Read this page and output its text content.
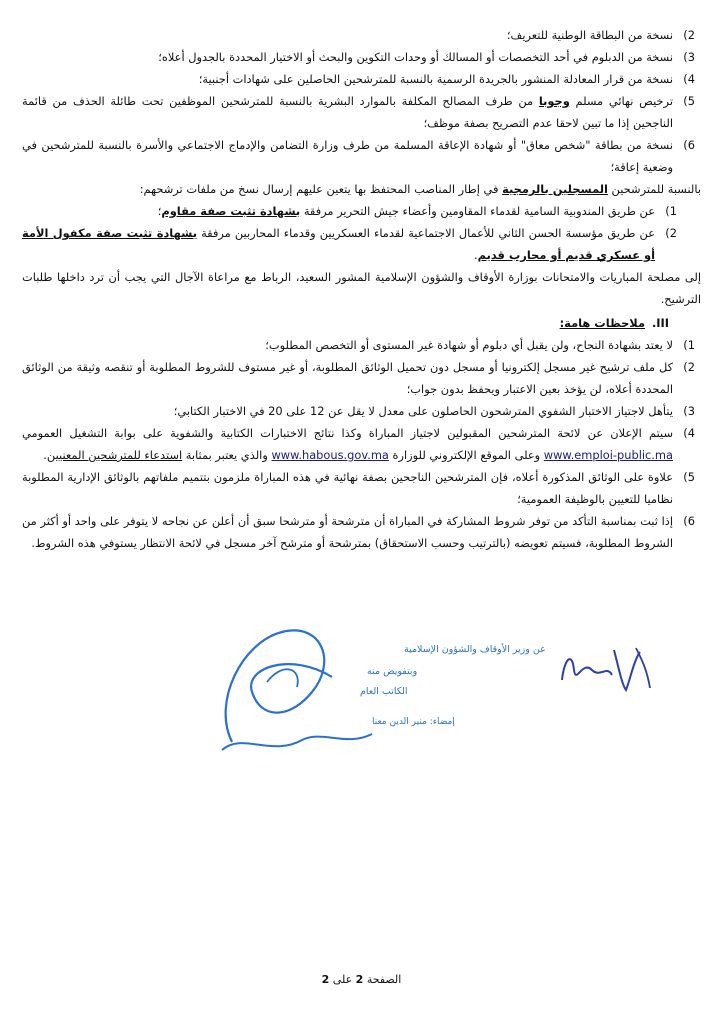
2)
نسخة من البطاقة الوطنية للتعريف؛
3)
نسخة من الدبلوم في أحد التخصصات أو المسالك أو وحدات التكوين والبحث أو الاختيار المحددة بالجدول أعلاه؛
4)
نسخة من قرار المعادلة المنشور بالجريدة الرسمية بالنسبة للمترشحين الحاصلين على شهادات أجنبية؛
5)
ترخيص نهائي مسلم وجوبا من طرف المصالح المكلفة بالموارد البشرية بالنسبة للمترشحين الموظفين تحت طائلة الحذف من قائمة الناجحين إذا ما تبين لاحقا عدم التصريح بصفة موظف؛
6)
نسخة من بطاقة "شخص معاق" أو شهادة الإعاقة المسلمة من طرف وزارة التضامن والإدماج الاجتماعي والأسرة بالنسبة للمترشحين في وضعية إعاقة؛
بالنسبة للمترشحين المسجلين بالرمجية في إطار المناصب المحتفظ بها يتعين عليهم إرسال نسخ من ملفات ترشحهم:
1)
عن طريق المندوبية السامية لقدماء المقاومين وأعضاء جيش التحرير مرفقة بشهادة تثبت صفة مقاوم؛
2)
عن طريق مؤسسة الحسن الثاني للأعمال الاجتماعية لقدماء العسكريين وقدماء المحاربين مرفقة بشهادة تثبت صفة مكفول الأمة أو عسكري قديم أو محارب قديم.
إلى مصلحة المباريات والامتحانات بوزارة الأوقاف والشؤون الإسلامية المشور السعيد، الرباط مع مراعاة الآجال التي يجب أن ترد داخلها طلبات الترشيح.
III.
ملاحظات هامة:
1)
لا يعتد بشهادة النجاح، ولن يقبل أي دبلوم أو شهادة غير المستوى أو التخصص المطلوب؛
2)
كل ملف ترشيح غير مسجل إلكترونيا أو مسجل دون تحميل الوثائق المطلوبة، أو غير مستوف للشروط المطلوبة أو تنقصه وثيقة من الوثائق المحددة أعلاه، لن يؤخذ بعين الاعتبار ويحفظ بدون جواب؛
3)
يتأهل لاجتياز الاختبار الشفوي المترشحون الحاصلون على معدل لا يقل عن 12 على 20 في الاختبار الكتابي؛
4)
سيتم الإعلان عن لائحة المترشحين المقبولين لاجتياز المباراة وكذا نتائج الاختبارات الكتابية والشفوية على بوابة التشغيل العمومي www.emploi-public.ma وعلى الموقع الإلكتروني للوزارة www.habous.gov.ma والذي يعتبر بمثابة استدعاء للمترشحين المعنيين.
5)
علاوة على الوثائق المذكورة أعلاه، فإن المترشحين الناجحين بصفة نهائية في هذه المباراة ملزمون بتتميم ملفاتهم بالوثائق الإدارية المطلوبة نظاميا للتعيين بالوظيفة العمومية؛
6)
إذا ثبت بمناسبة التأكد من توفر شروط المشاركة في المباراة أن مترشحة أو مترشحا سبق أن أعلن عن نجاحه لا يتوفر على واحد أو أكثر من الشروط المطلوبة، فسيتم تعويضه (بالترتيب وحسب الاستحقاق) بمترشحة أو مترشح آخر مسجل في لائحة الانتظار يستوفي هذه الشروط.
عن وزير الأوقاف والشؤون الإسلامية
وبتفويض منه
الكاتب العام
إمضاء: منير الدين معنا
الصفحة 2 على 2
